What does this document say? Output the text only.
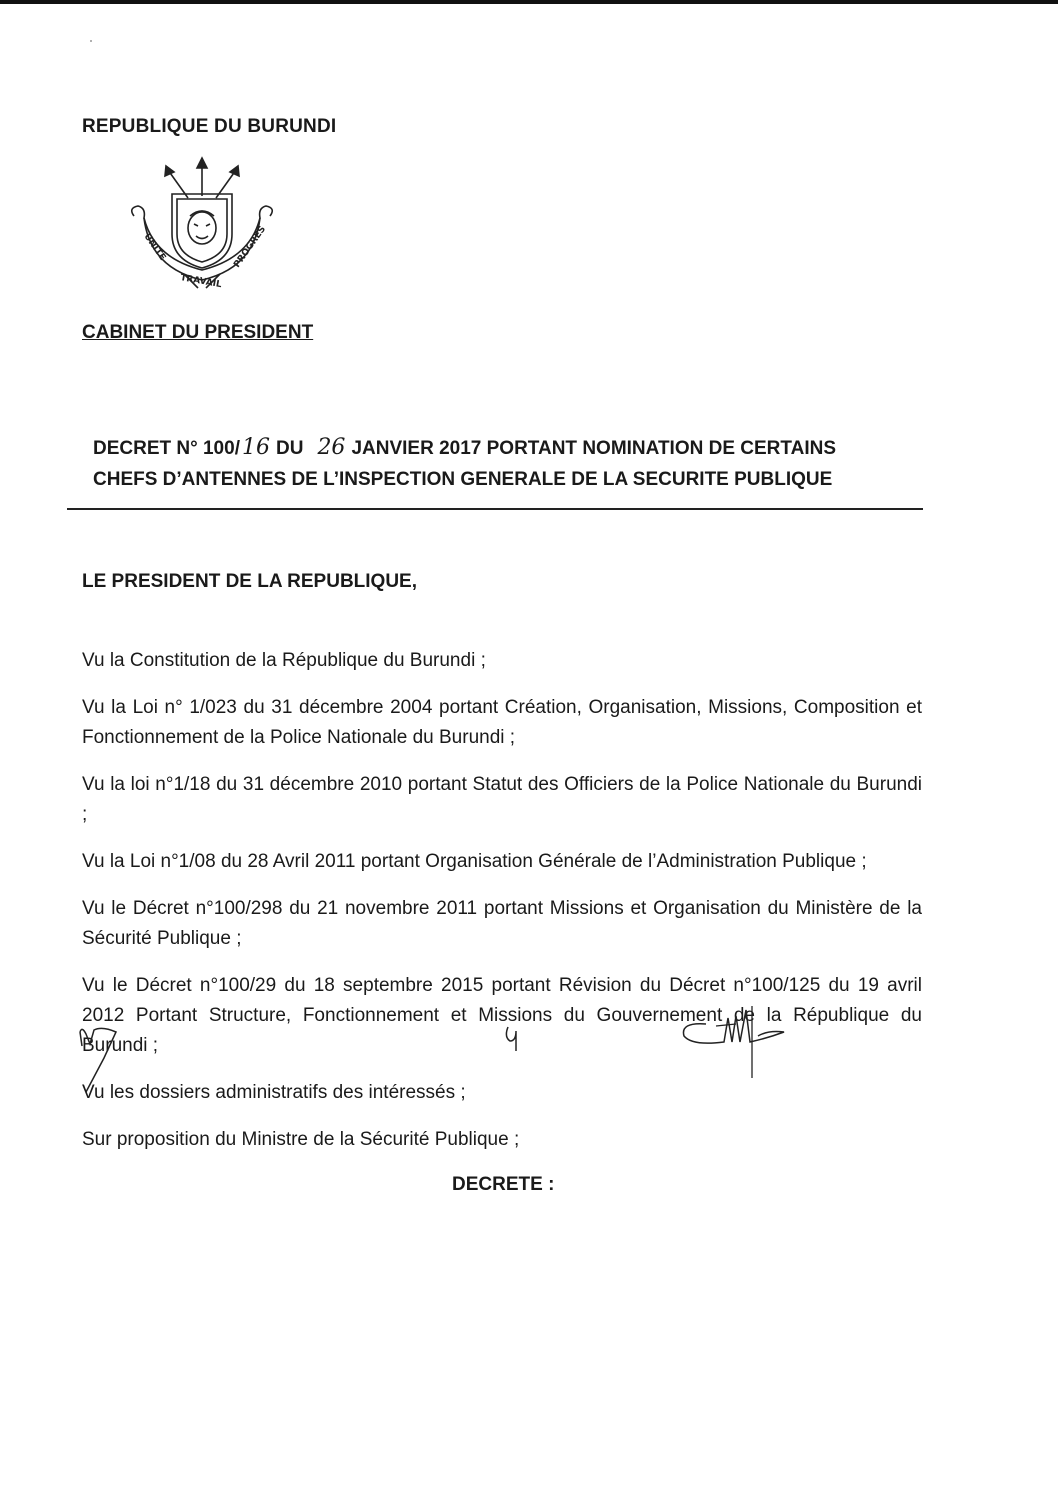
REPUBLIQUE DU BURUNDI
UNITE
TRAVAIL
PROGRES
CABINET DU PRESIDENT
DECRET N° 100/16 DU 26 JANVIER 2017 PORTANT NOMINATION DE CERTAINS
CHEFS D’ANTENNES DE L’INSPECTION GENERALE DE LA SECURITE PUBLIQUE
LE PRESIDENT DE LA REPUBLIQUE,

Vu la Constitution de la République du Burundi ;

Vu la Loi n° 1/023 du 31 décembre 2004 portant Création, Organisation, Missions, Composition et Fonctionnement de la Police Nationale du Burundi ;

Vu la loi n°1/18 du 31 décembre 2010 portant Statut des Officiers de la Police Nationale du Burundi ;

Vu la Loi n°1/08 du 28 Avril 2011 portant Organisation Générale de l’Administration Publique ;

Vu le Décret n°100/298 du 21 novembre 2011 portant Missions et Organisation du Ministère de la Sécurité Publique ;

Vu le Décret n°100/29 du 18 septembre 2015 portant Révision du Décret n°100/125 du 19 avril 2012 Portant Structure, Fonctionnement et Missions du Gouvernement de la République du Burundi ;

Vu les dossiers administratifs des intéressés ;

Sur proposition du Ministre de la Sécurité Publique ;

DECRETE :
